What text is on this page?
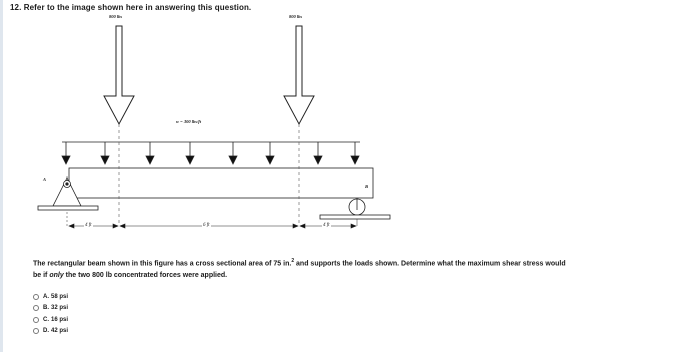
12. Refer to the image shown here in answering this question.
800 lbs	800 lbs
w = 300 lbs/ft
A
B
4 ft	6 ft	4 ft
The rectangular beam shown in this figure has a cross sectional area of 75 in.$^2$ and supports the loads shown. Determine what the maximum shear stress would
be if only the two 800 lb concentrated forces were applied.
A. 58 psi
B. 32 psi
C. 16 psi
D. 42 psi
